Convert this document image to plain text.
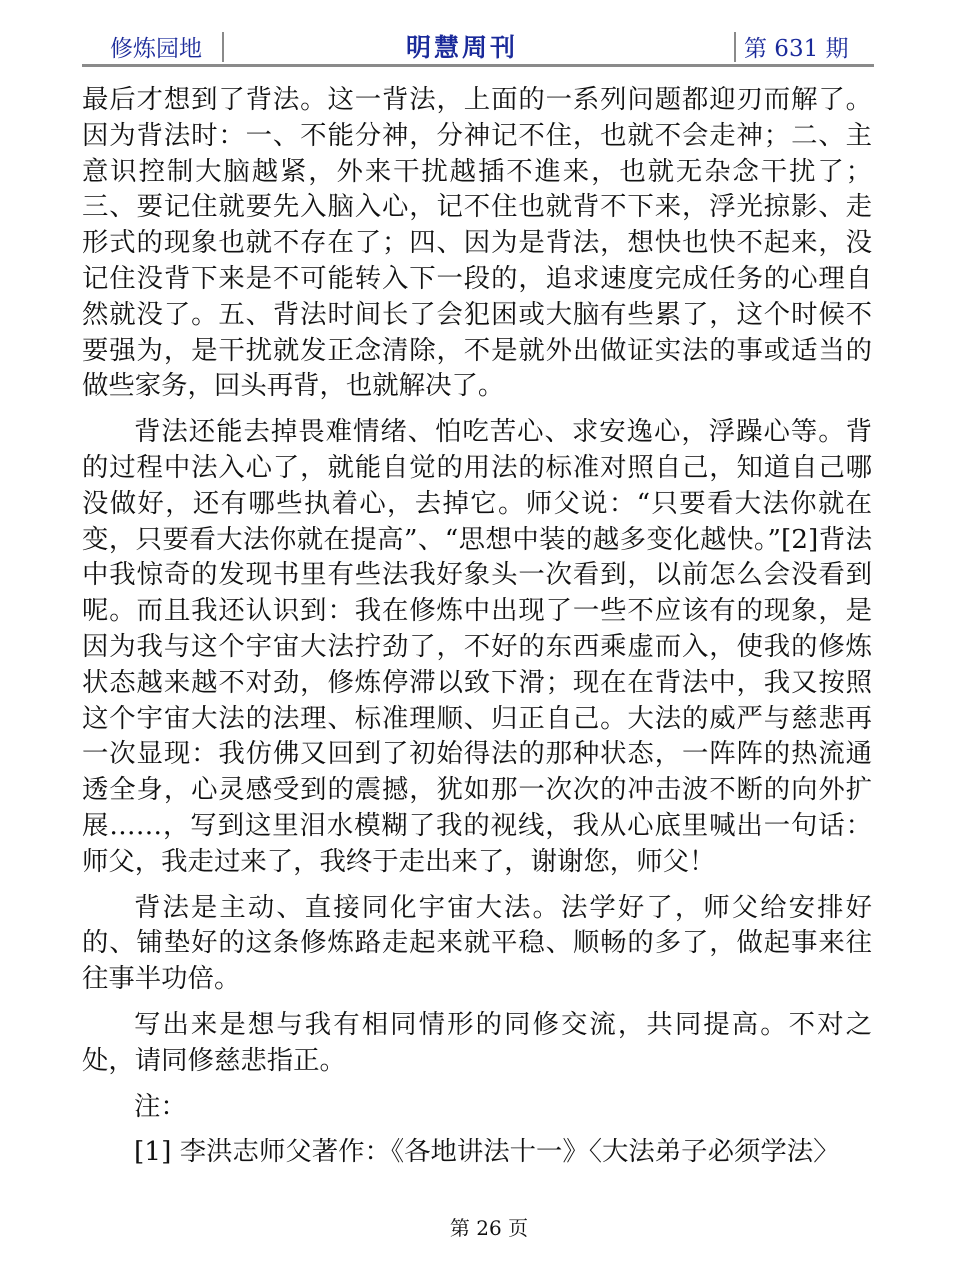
修炼园地	明慧周刊	第 631 期

最后才想到了背法。这一背法，上面的一系列问题都迎刃而解了。因为背法时：一、不能分神，分神记不住，也就不会走神；二、主意识控制大脑越紧，外来干扰越插不進来，也就无杂念干扰了；三、要记住就要先入脑入心，记不住也就背不下来，浮光掠影、走形式的现象也就不存在了；四、因为是背法，想快也快不起来，没记住没背下来是不可能转入下一段的，追求速度完成任务的心理自然就没了。五、背法时间长了会犯困或大脑有些累了，这个时候不要强为，是干扰就发正念清除，不是就外出做证实法的事或适当的做些家务，回头再背，也就解决了。

背法还能去掉畏难情绪、怕吃苦心、求安逸心，浮躁心等。背的过程中法入心了，就能自觉的用法的标准对照自己，知道自己哪没做好，还有哪些执着心，去掉它。师父说：“只要看大法你就在变，只要看大法你就在提高”、“思想中装的越多变化越快。”[2]背法中我惊奇的发现书里有些法我好象头一次看到，以前怎么会没看到呢。而且我还认识到：我在修炼中出现了一些不应该有的现象，是因为我与这个宇宙大法拧劲了，不好的东西乘虚而入，使我的修炼状态越来越不对劲，修炼停滞以致下滑；现在在背法中，我又按照这个宇宙大法的法理、标准理顺、归正自己。大法的威严与慈悲再一次显现：我仿佛又回到了初始得法的那种状态，一阵阵的热流通透全身，心灵感受到的震撼，犹如那一次次的冲击波不断的向外扩展……，写到这里泪水模糊了我的视线，我从心底里喊出一句话：师父，我走过来了，我终于走出来了，谢谢您，师父！

背法是主动、直接同化宇宙大法。法学好了，师父给安排好的、铺垫好的这条修炼路走起来就平稳、顺畅的多了，做起事来往往事半功倍。

写出来是想与我有相同情形的同修交流，共同提高。不对之处，请同修慈悲指正。

注：

[1] 李洪志师父著作：《各地讲法十一》〈大法弟子必须学法〉

第 26 页
